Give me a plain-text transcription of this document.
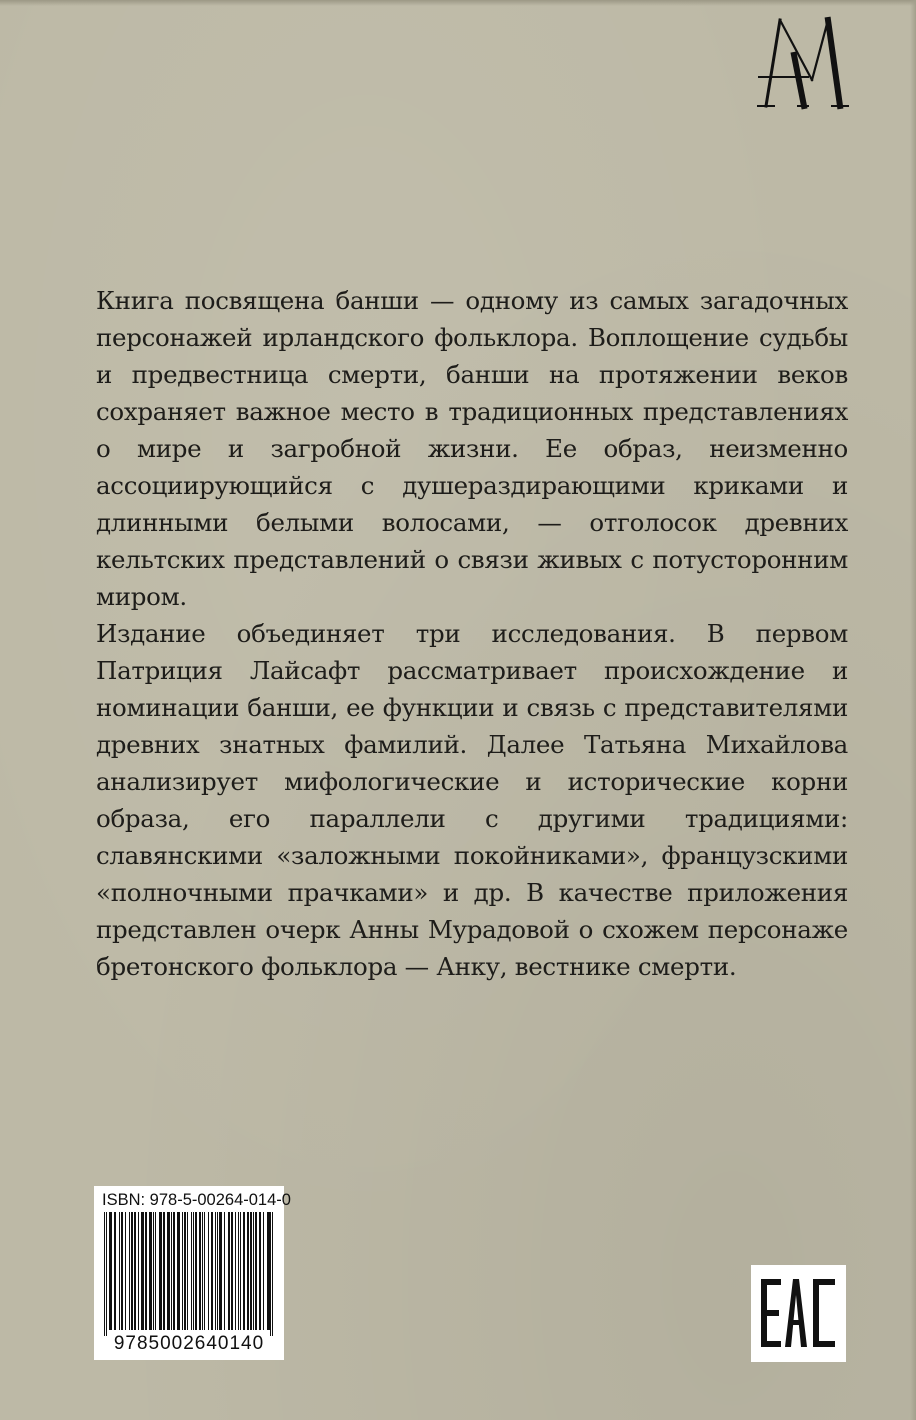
Книга посвящена банши — одному из самых загадочных персонажей ирландского фольклора. Воплощение судьбы и предвестница смерти, банши на протяжении веков сохраняет важное место в традиционных представлениях о мире и загробной жизни. Ее образ, неизменно ассоциирующийся с душераздирающими криками и длинными белыми волосами, — отголосок древних кельтских представлений о связи живых с потусторонним миром.

Издание объединяет три исследования. В первом Патриция Лайсафт рассматривает происхождение и номинации банши, ее функции и связь с представителями древних знатных фамилий. Далее Татьяна Михайлова анализирует мифологические и исторические корни образа, его параллели с другими традициями: славянскими «заложными покойниками», французскими «полночными прачками» и др. В качестве приложения представлен очерк Анны Мурадовой о схожем персонаже бретонского фольклора — Анку, вестнике смерти.

ISBN: 978-5-00264-014-0
9785002640140
